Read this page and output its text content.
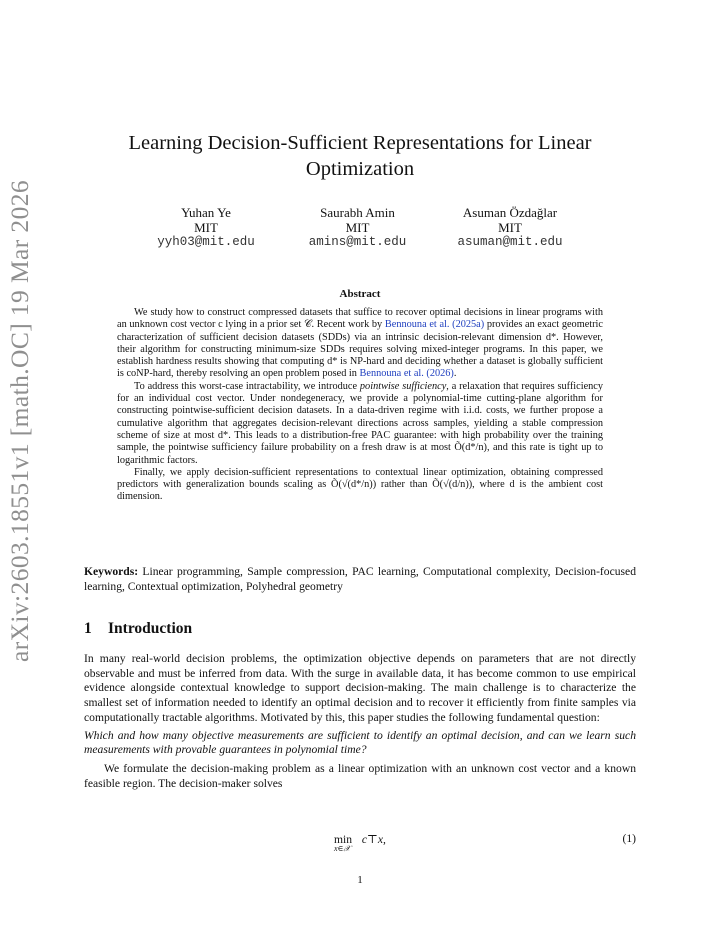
arXiv:2603.18551v1 [math.OC] 19 Mar 2026
Learning Decision-Sufficient Representations for Linear Optimization
Yuhan Ye
MIT
yyh03@mit.edu
Saurabh Amin
MIT
amins@mit.edu
Asuman Özdağlar
MIT
asuman@mit.edu
Abstract

We study how to construct compressed datasets that suffice to recover optimal decisions in linear programs with an unknown cost vector c lying in a prior set 𝒞. Recent work by Bennouna et al. (2025a) provides an exact geometric characterization of sufficient decision datasets (SDDs) via an intrinsic decision-relevant dimension d*. However, their algorithm for constructing minimum-size SDDs requires solving mixed-integer programs. In this paper, we establish hardness results showing that computing d* is NP-hard and deciding whether a dataset is globally sufficient is coNP-hard, thereby resolving an open problem posed in Bennouna et al. (2026).

To address this worst-case intractability, we introduce pointwise sufficiency, a relaxation that requires sufficiency for an individual cost vector. Under nondegeneracy, we provide a polynomial-time cutting-plane algorithm for constructing pointwise-sufficient decision datasets. In a data-driven regime with i.i.d. costs, we further propose a cumulative algorithm that aggregates decision-relevant directions across samples, yielding a stable compression scheme of size at most d*. This leads to a distribution-free PAC guarantee: with high probability over the training sample, the pointwise sufficiency failure probability on a fresh draw is at most Õ(d*/n), and this rate is tight up to logarithmic factors.

Finally, we apply decision-sufficient representations to contextual linear optimization, obtaining compressed predictors with generalization bounds scaling as Õ(√(d*/n)) rather than Õ(√(d/n)), where d is the ambient cost dimension.

Keywords: Linear programming, Sample compression, PAC learning, Computational complexity, Decision-focused learning, Contextual optimization, Polyhedral geometry
1 Introduction

In many real-world decision problems, the optimization objective depends on parameters that are not directly observable and must be inferred from data. With the surge in available data, it has become common to use empirical evidence alongside contextual knowledge to support decision-making. The main challenge is to characterize the smallest set of information needed to identify an optimal decision and to recover it efficiently from finite samples via computationally tractable algorithms. Motivated by this, this paper studies the following fundamental question:

Which and how many objective measurements are sufficient to identify an optimal decision, and can we learn such measurements with provable guarantees in polynomial time?

We formulate the decision-making problem as a linear optimization with an unknown cost vector and a known feasible region. The decision-maker solves

min c⊤x,
x∈𝒳
(1)
1
